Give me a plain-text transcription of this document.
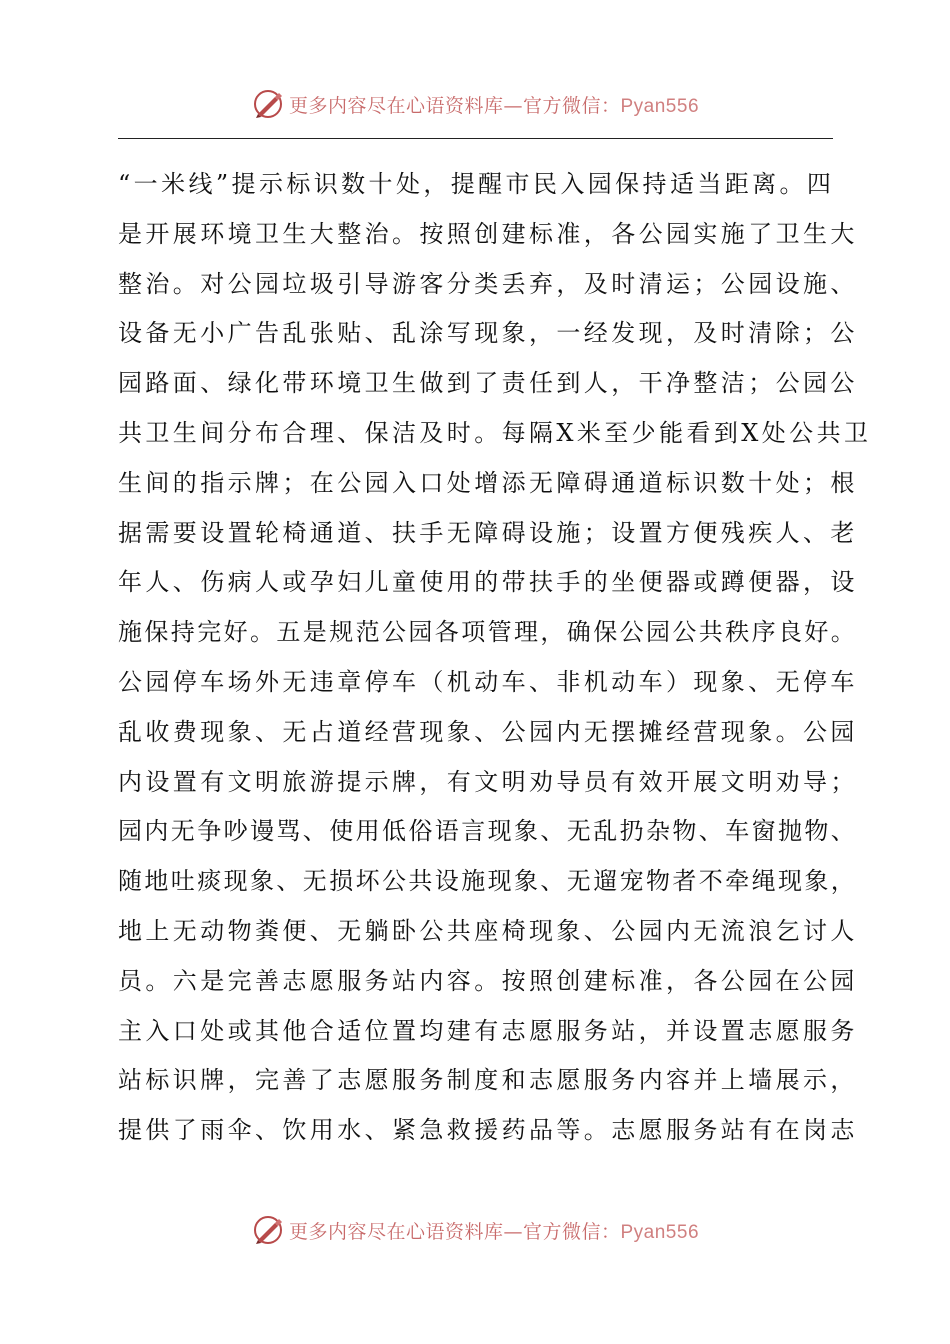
更多内容尽在心语资料库—官方微信：Pyan556
“一米线”提示标识数十处，提醒市民入园保持适当距离。四
是开展环境卫生大整治。按照创建标准，各公园实施了卫生大
整治。对公园垃圾引导游客分类丢弃，及时清运；公园设施、
设备无小广告乱张贴、乱涂写现象，一经发现，及时清除；公
园路面、绿化带环境卫生做到了责任到人，干净整洁；公园公
共卫生间分布合理、保洁及时。每隔X米至少能看到X处公共卫
生间的指示牌；在公园入口处增添无障碍通道标识数十处；根
据需要设置轮椅通道、扶手无障碍设施；设置方便残疾人、老
年人、伤病人或孕妇儿童使用的带扶手的坐便器或蹲便器，设
施保持完好。五是规范公园各项管理，确保公园公共秩序良好。
公园停车场外无违章停车（机动车、非机动车）现象、无停车
乱收费现象、无占道经营现象、公园内无摆摊经营现象。公园
内设置有文明旅游提示牌，有文明劝导员有效开展文明劝导；
园内无争吵谩骂、使用低俗语言现象、无乱扔杂物、车窗抛物、
随地吐痰现象、无损坏公共设施现象、无遛宠物者不牵绳现象，
地上无动物粪便、无躺卧公共座椅现象、公园内无流浪乞讨人
员。六是完善志愿服务站内容。按照创建标准，各公园在公园
主入口处或其他合适位置均建有志愿服务站，并设置志愿服务
站标识牌，完善了志愿服务制度和志愿服务内容并上墙展示，
提供了雨伞、饮用水、紧急救援药品等。志愿服务站有在岗志
更多内容尽在心语资料库—官方微信：Pyan556
